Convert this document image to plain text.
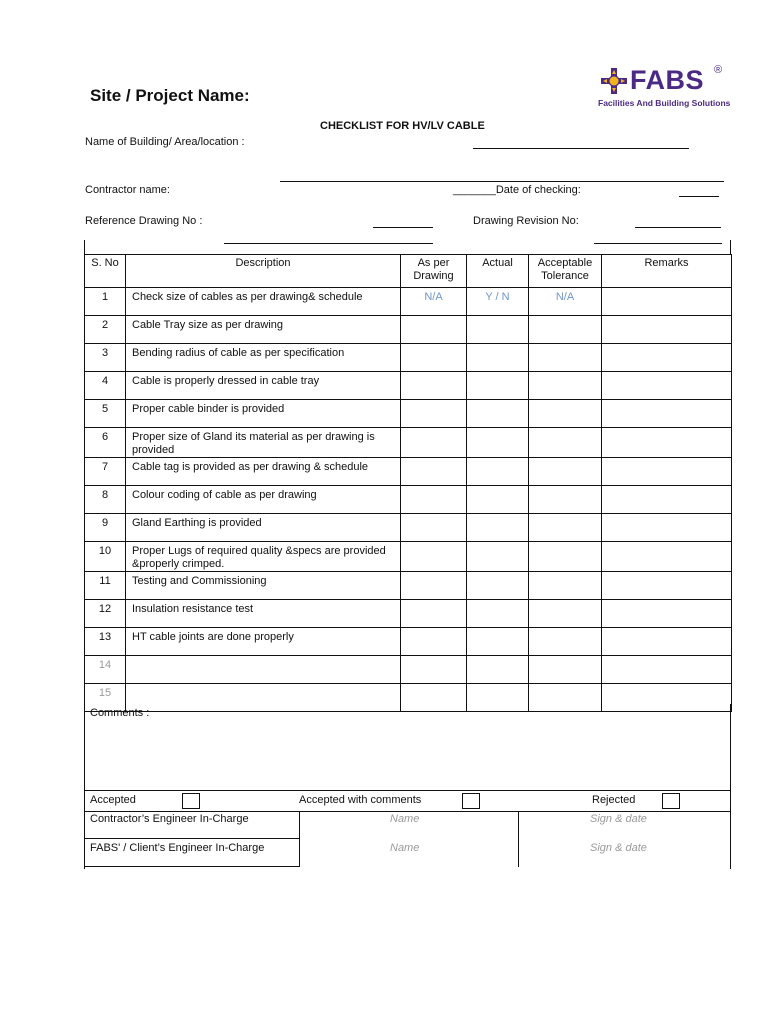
Site / Project Name:
FABS ®
Facilities And Building Solutions
CHECKLIST FOR HV/LV CABLE
Name of Building/ Area/location :
Contractor name:	_______Date of checking:
Reference Drawing No :	Drawing Revision No:
S. No	Description	As per Drawing	Actual	Acceptable Tolerance	Remarks
1	Check size of cables as per drawing& schedule	N/A	Y / N	N/A	
2	Cable Tray size as per drawing				
3	Bending radius of cable as per specification				
4	Cable is properly dressed in cable tray				
5	Proper cable binder is provided				
6	Proper size of Gland its material as per drawing is provided				
7	Cable tag is provided as per drawing & schedule				
8	Colour coding of cable as per drawing				
9	Gland Earthing is provided				
10	Proper Lugs of required quality &specs are provided &properly crimped.				
11	Testing and Commissioning				
12	Insulation resistance test				
13	HT cable joints are done properly				
14					
15					
Comments :
Accepted	Accepted with comments	Rejected
Contractor’s Engineer In-Charge	Name	Sign & date
FABS' / Client’s Engineer In-Charge	Name	Sign & date
